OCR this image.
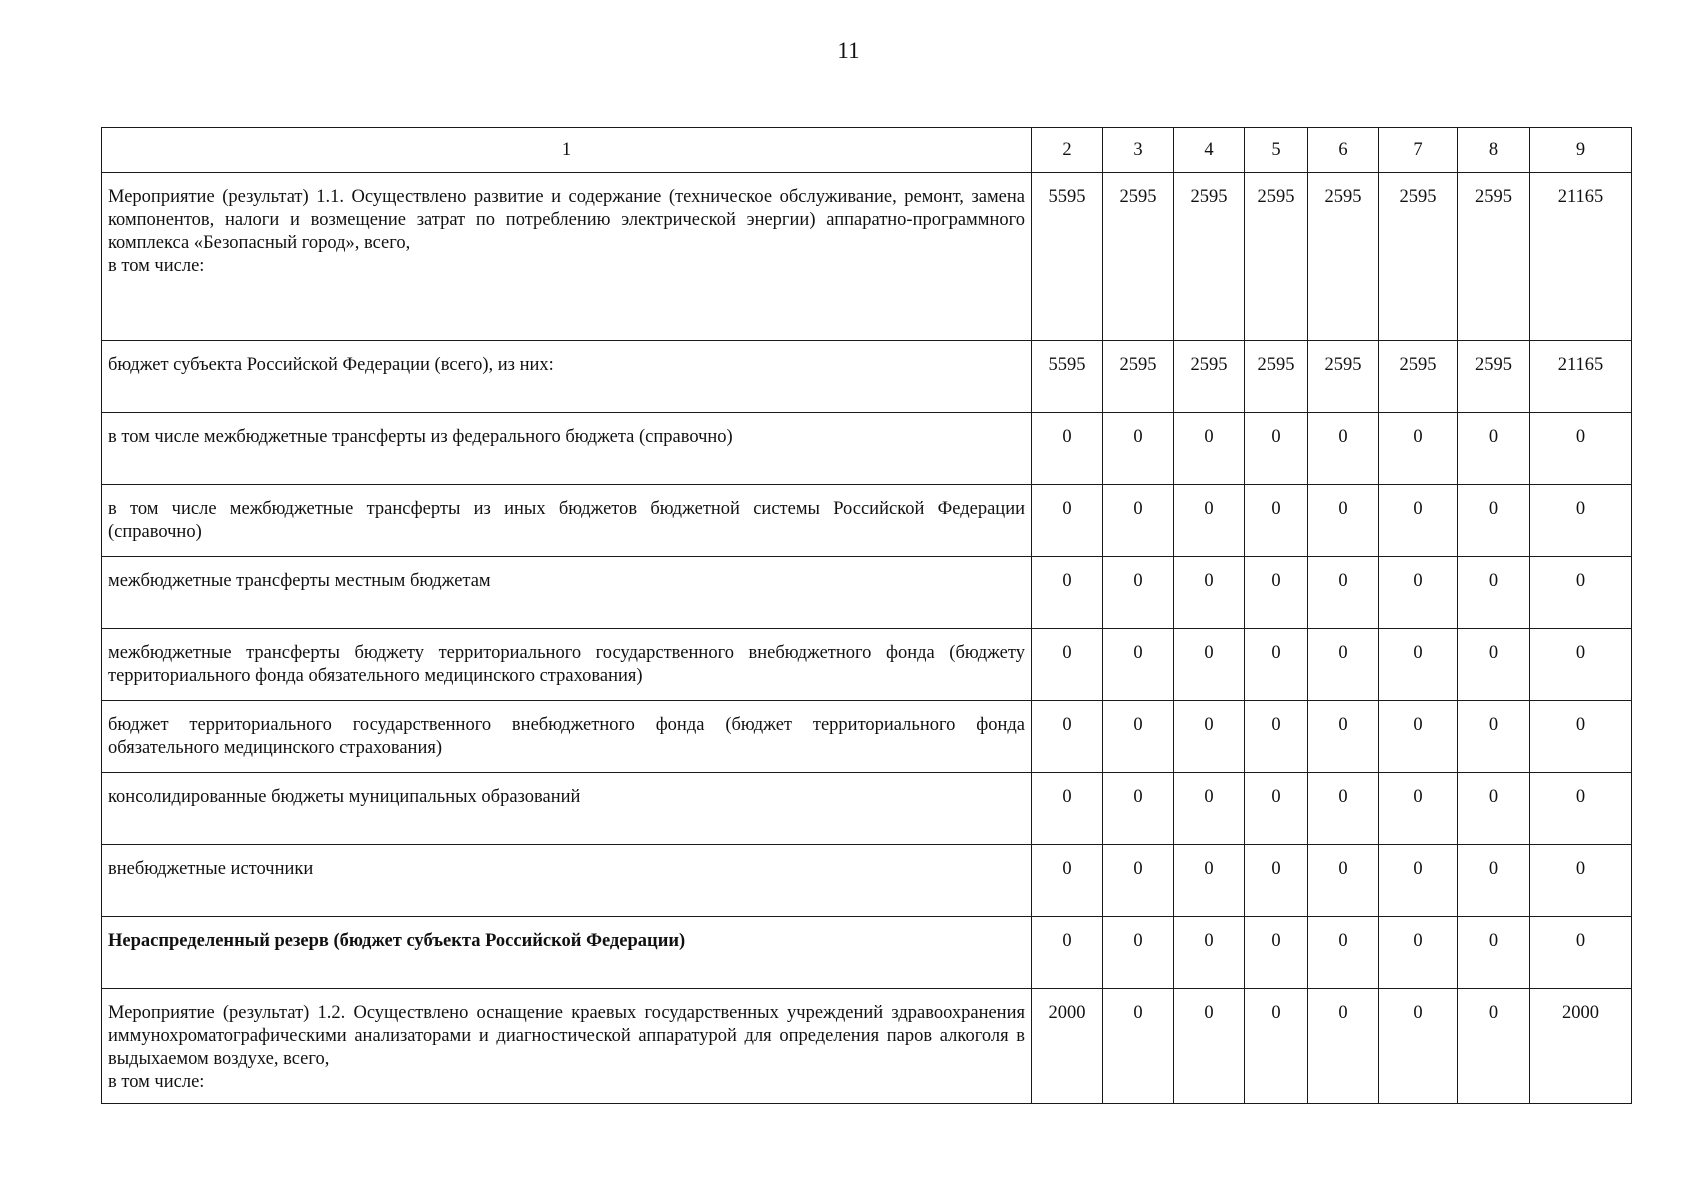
11
1	2	3	4	5	6	7	8	9

Мероприятие (результат) 1.1. Осуществлено развитие и содержание (техническое обслуживание, ремонт, замена компонентов, налоги и возмещение затрат по потреблению электрической энергии) аппаратно-программного комплекса «Безопасный город», всего,
в том числе:	5595	2595	2595	2595	2595	2595	2595	21165

бюджет субъекта Российской Федерации (всего), из них:	5595	2595	2595	2595	2595	2595	2595	21165

в том числе межбюджетные трансферты из федерального бюджета (справочно)	0	0	0	0	0	0	0	0

в том числе межбюджетные трансферты из иных бюджетов бюджетной системы Российской Федерации (справочно)	0	0	0	0	0	0	0	0

межбюджетные трансферты местным бюджетам	0	0	0	0	0	0	0	0

межбюджетные трансферты бюджету территориального государственного внебюджетного фонда (бюджету территориального фонда обязательного медицинского страхования)	0	0	0	0	0	0	0	0

бюджет территориального государственного внебюджетного фонда (бюджет территориального фонда обязательного медицинского страхования)	0	0	0	0	0	0	0	0

консолидированные бюджеты муниципальных образований	0	0	0	0	0	0	0	0

внебюджетные источники	0	0	0	0	0	0	0	0

Нераспределенный резерв (бюджет субъекта Российской Федерации)	0	0	0	0	0	0	0	0

Мероприятие (результат) 1.2. Осуществлено оснащение краевых государственных учреждений здравоохранения иммунохроматографическими анализаторами и диагностической аппаратурой для определения паров алкоголя в выдыхаемом воздухе, всего,
в том числе:	2000	0	0	0	0	0	0	2000
